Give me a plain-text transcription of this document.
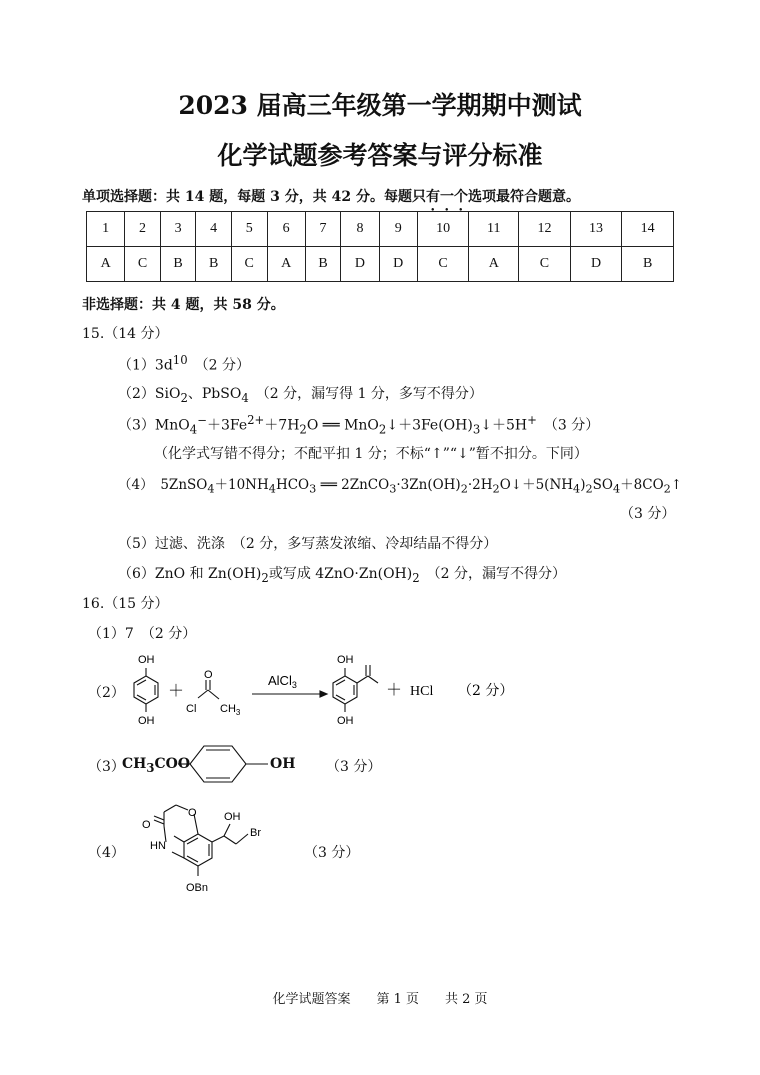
2023 届高三年级第一学期期中测试
化学试题参考答案与评分标准
单项选择题：共 14 题，每题 3 分，共 42 分。每题只有一个选项最符合题意。
1	2	3	4	5	6	7	8	9	10	11	12	13	14
A	C	B	B	C	A	B	D	D	C	A	C	D	B
非选择题：共 4 题，共 58 分。
15.（14 分）
$(1)3d^{10}$　 （2 分）
（2）SiO$_2$、PbSO$_4$　 （2 分，漏写得 1 分，多写不得分）
$(3)MnO_4^-+3Fe^{2+}+7H_2O$ ══ $MnO_2↓+3Fe(OH)_3↓+5H^+$　 （3 分）
（化学式写错不得分；不配平扣 1 分；不标“↑”“↓”暂不扣分。下同）
（4）　 $5ZnSO_4+10NH_4HCO_3$ ══ $2ZnCO_3\cdot 3Zn(OH)_2\cdot 2H_2O↓+5(NH_4)_2SO_4+8CO_2↑$
（3 分）
（5）过滤、洗涤　 （2 分，多写蒸发浓缩、冷却结晶不得分）
（6）ZnO 和 $Zn(OH)_2$或写成 $4ZnO\cdot Zn(OH)_2$　 （2 分，漏写不得分）
16.（15 分）
（1）7　 （2 分）
（2）
OH
OH
＋
O
Cl $CH_3$
AlCl$_3$
OH
OH
＋ HCl （2 分）
（3）
$CH_3COO$	OH （3 分）
（4）
O
O
HN
OH
Br
OBn
（3 分）
化学试题答案　　第 1 页　　共 2 页
